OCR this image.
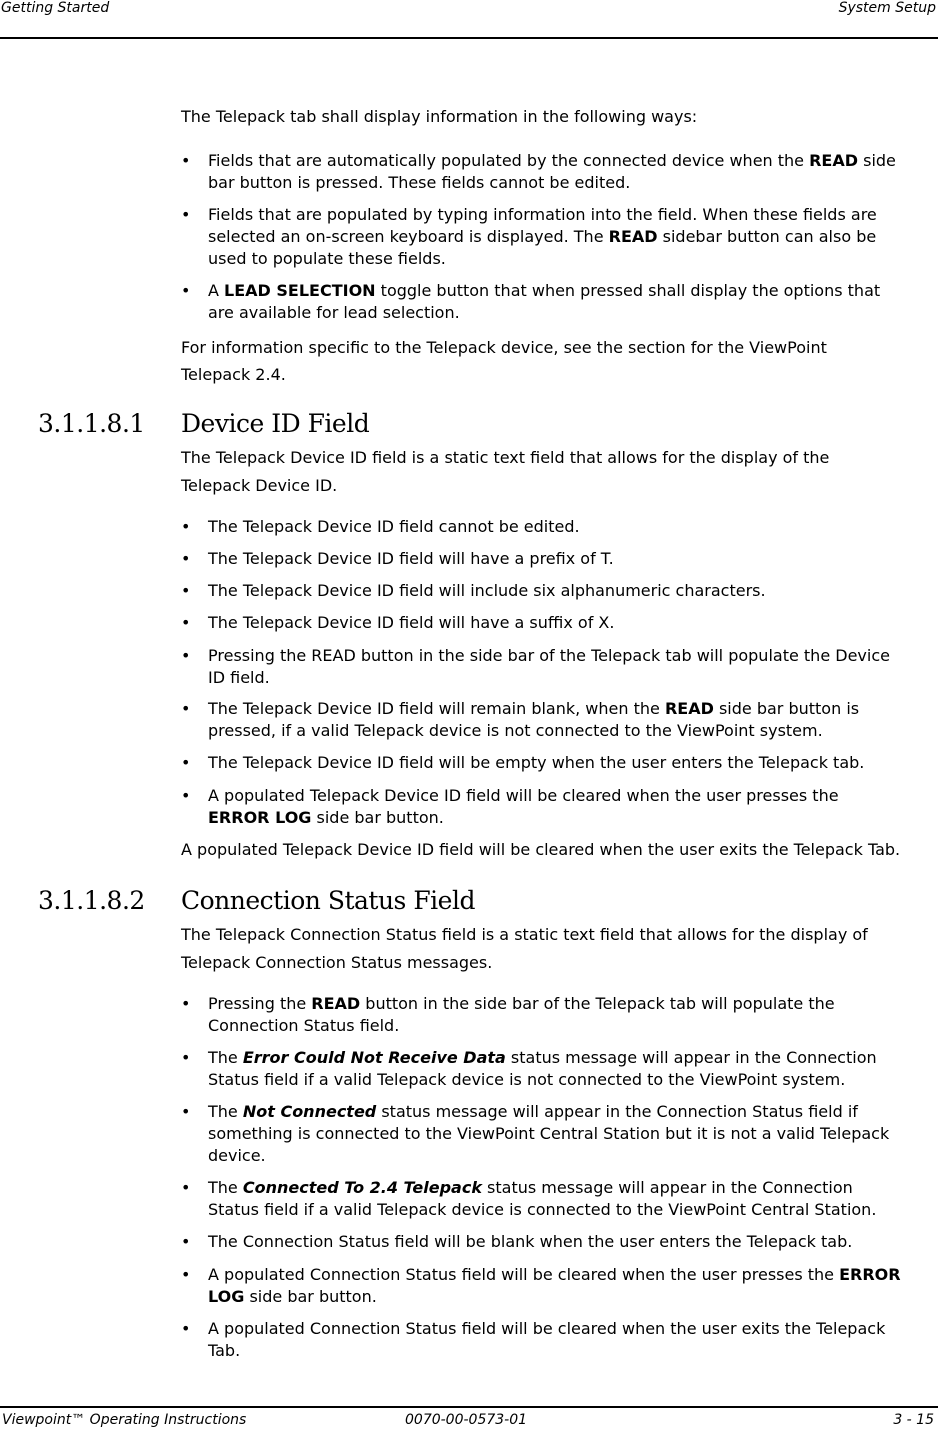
Getting Started	System Setup
The Telepack tab shall display information in the following ways:
• Fields that are automatically populated by the connected device when the READ side bar button is pressed. These fields cannot be edited.
• Fields that are populated by typing information into the field. When these fields are selected an on-screen keyboard is displayed. The READ sidebar button can also be used to populate these fields.
• A LEAD SELECTION toggle button that when pressed shall display the options that are available for lead selection.
For information specific to the Telepack device, see the section for the ViewPoint Telepack 2.4.
3.1.1.8.1 Device ID Field
The Telepack Device ID field is a static text field that allows for the display of the Telepack Device ID.
• The Telepack Device ID field cannot be edited.
• The Telepack Device ID field will have a prefix of T.
• The Telepack Device ID field will include six alphanumeric characters.
• The Telepack Device ID field will have a suffix of X.
• Pressing the READ button in the side bar of the Telepack tab will populate the Device ID field.
• The Telepack Device ID field will remain blank, when the READ side bar button is pressed, if a valid Telepack device is not connected to the ViewPoint system.
• The Telepack Device ID field will be empty when the user enters the Telepack tab.
• A populated Telepack Device ID field will be cleared when the user presses the ERROR LOG side bar button.
A populated Telepack Device ID field will be cleared when the user exits the Telepack Tab.
3.1.1.8.2 Connection Status Field
The Telepack Connection Status field is a static text field that allows for the display of Telepack Connection Status messages.
• Pressing the READ button in the side bar of the Telepack tab will populate the Connection Status field.
• The Error Could Not Receive Data status message will appear in the Connection Status field if a valid Telepack device is not connected to the ViewPoint system.
• The Not Connected status message will appear in the Connection Status field if something is connected to the ViewPoint Central Station but it is not a valid Telepack device.
• The Connected To 2.4 Telepack status message will appear in the Connection Status field if a valid Telepack device is connected to the ViewPoint Central Station.
• The Connection Status field will be blank when the user enters the Telepack tab.
• A populated Connection Status field will be cleared when the user presses the ERROR LOG side bar button.
• A populated Connection Status field will be cleared when the user exits the Telepack Tab.
Viewpoint™ Operating Instructions	0070-00-0573-01	3 - 15
